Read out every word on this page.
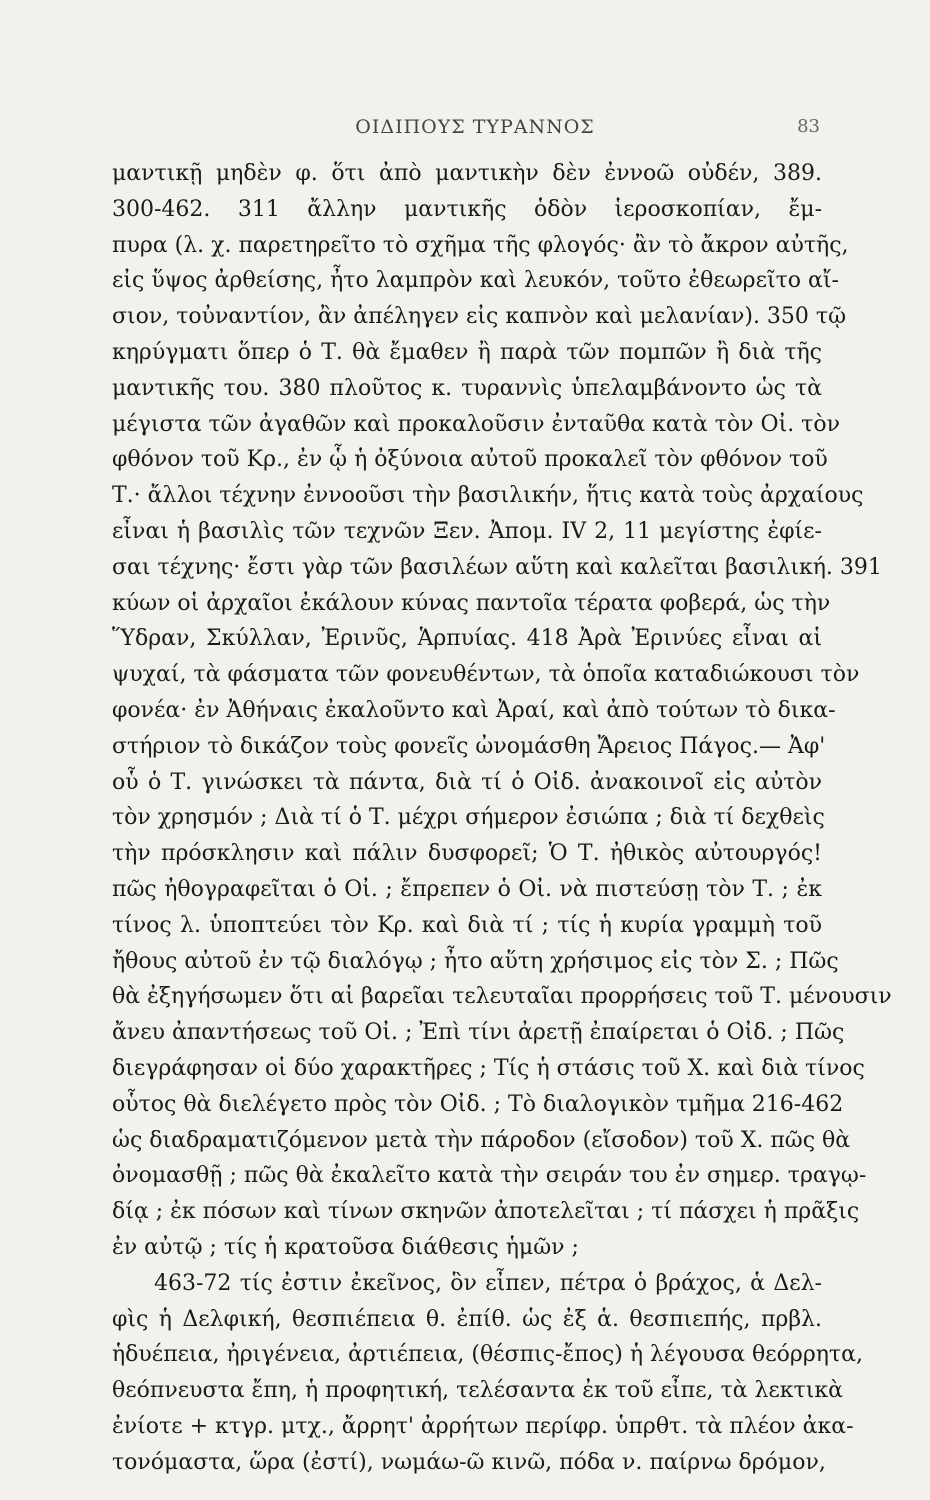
ΟΙΔΙΠΟΥΣ ΤΥΡΑΝΝΟΣ	83
μαντικῇ μηδὲν φ. ὅτι ἀπὸ μαντικὴν δὲν ἐννοῶ οὐδέν, 389.
300-462. 311 ἄλλην μαντικῆς ὁδὸν ἱεροσκοπίαν, ἔμ-
πυρα (λ. χ. παρετηρεῖτο τὸ σχῆμα τῆς φλογός· ἂν τὸ ἄκρον αὐτῆς,
εἰς ὕψος ἀρθείσης, ἦτο λαμπρὸν καὶ λευκόν, τοῦτο ἐθεωρεῖτο αἴ-
σιον, τοὐναντίον, ἂν ἀπέληγεν εἰς καπνὸν καὶ μελανίαν). 350 τῷ
κηρύγματι ὅπερ ὁ Τ. θὰ ἔμαθεν ἢ παρὰ τῶν πομπῶν ἢ διὰ τῆς
μαντικῆς του. 380 πλοῦτος κ. τυραννὶς ὑπελαμβάνοντο ὡς τὰ
μέγιστα τῶν ἀγαθῶν καὶ προκαλοῦσιν ἐνταῦθα κατὰ τὸν Οἰ. τὸν
φθόνον τοῦ Κρ., ἐν ᾧ ἡ ὀξύνοια αὐτοῦ προκαλεῖ τὸν φθόνον τοῦ
Τ.· ἄλλοι τέχνην ἐννοοῦσι τὴν βασιλικήν, ἥτις κατὰ τοὺς ἀρχαίους
εἶναι ἡ βασιλὶς τῶν τεχνῶν Ξεν. Ἀπομ. IV 2, 11 μεγίστης ἐφίε-
σαι τέχνης· ἔστι γὰρ τῶν βασιλέων αὕτη καὶ καλεῖται βασιλική. 391
κύων οἱ ἀρχαῖοι ἐκάλουν κύνας παντοῖα τέρατα φοβερά, ὡς τὴν
Ὕδραν, Σκύλλαν, Ἐρινῦς, Ἁρπυίας. 418 Ἀρὰ Ἐρινύες εἶναι αἱ
ψυχαί, τὰ φάσματα τῶν φονευθέντων, τὰ ὁποῖα καταδιώκουσι τὸν
φονέα· ἐν Ἀθήναις ἐκαλοῦντο καὶ Ἀραί, καὶ ἀπὸ τούτων τὸ δικα-
στήριον τὸ δικάζον τοὺς φονεῖς ὠνομάσθη Ἄρειος Πάγος.— Ἀφ'
οὗ ὁ Τ. γινώσκει τὰ πάντα, διὰ τί ὁ Οἰδ. ἀνακοινοῖ εἰς αὐτὸν
τὸν χρησμόν ; Διὰ τί ὁ Τ. μέχρι σήμερον ἐσιώπα ; διὰ τί δεχθεὶς
τὴν πρόσκλησιν καὶ πάλιν δυσφορεῖ; Ὁ Τ. ἠθικὸς αὐτουργός!
πῶς ἠθογραφεῖται ὁ Οἰ. ; ἔπρεπεν ὁ Οἰ. νὰ πιστεύσῃ τὸν Τ. ; ἐκ
τίνος λ. ὑποπτεύει τὸν Κρ. καὶ διὰ τί ; τίς ἡ κυρία γραμμὴ τοῦ
ἤθους αὐτοῦ ἐν τῷ διαλόγῳ ; ἦτο αὕτη χρήσιμος εἰς τὸν Σ. ; Πῶς
θὰ ἐξηγήσωμεν ὅτι αἱ βαρεῖαι τελευταῖαι προρρήσεις τοῦ Τ. μένουσιν
ἄνευ ἀπαντήσεως τοῦ Οἰ. ; Ἐπὶ τίνι ἀρετῇ ἐπαίρεται ὁ Οἰδ. ; Πῶς
διεγράφησαν οἱ δύο χαρακτῆρες ; Τίς ἡ στάσις τοῦ Χ. καὶ διὰ τίνος
οὗτος θὰ διελέγετο πρὸς τὸν Οἰδ. ; Τὸ διαλογικὸν τμῆμα 216-462
ὡς διαδραματιζόμενον μετὰ τὴν πάροδον (εἴσοδον) τοῦ Χ. πῶς θὰ
ὀνομασθῇ ; πῶς θὰ ἐκαλεῖτο κατὰ τὴν σειράν του ἐν σημερ. τραγῳ-
δίᾳ ; ἐκ πόσων καὶ τίνων σκηνῶν ἀποτελεῖται ; τί πάσχει ἡ πρᾶξις
ἐν αὐτῷ ; τίς ἡ κρατοῦσα διάθεσις ἡμῶν ;
463-72 τίς ἐστιν ἐκεῖνος, ὃν εἶπεν, πέτρα ὁ βράχος, ἁ Δελ-
φὶς ἡ Δελφική, θεσπιέπεια θ. ἐπίθ. ὡς ἐξ ἁ. θεσπιεπής, πρβλ.
ἡδυέπεια, ἠριγένεια, ἀρτιέπεια, (θέσπις-ἔπος) ἡ λέγουσα θεόρρητα,
θεόπνευστα ἔπη, ἡ προφητική, τελέσαντα ἐκ τοῦ εἶπε, τὰ λεκτικὰ
ἐνίοτε + κτγρ. μτχ., ἄρρητ' ἀρρήτων περίφρ. ὑπρθτ. τὰ πλέον ἀκα-
τονόμαστα, ὥρα (ἐστί), νωμάω-ῶ κινῶ, πόδα ν. παίρνω δρόμον,
